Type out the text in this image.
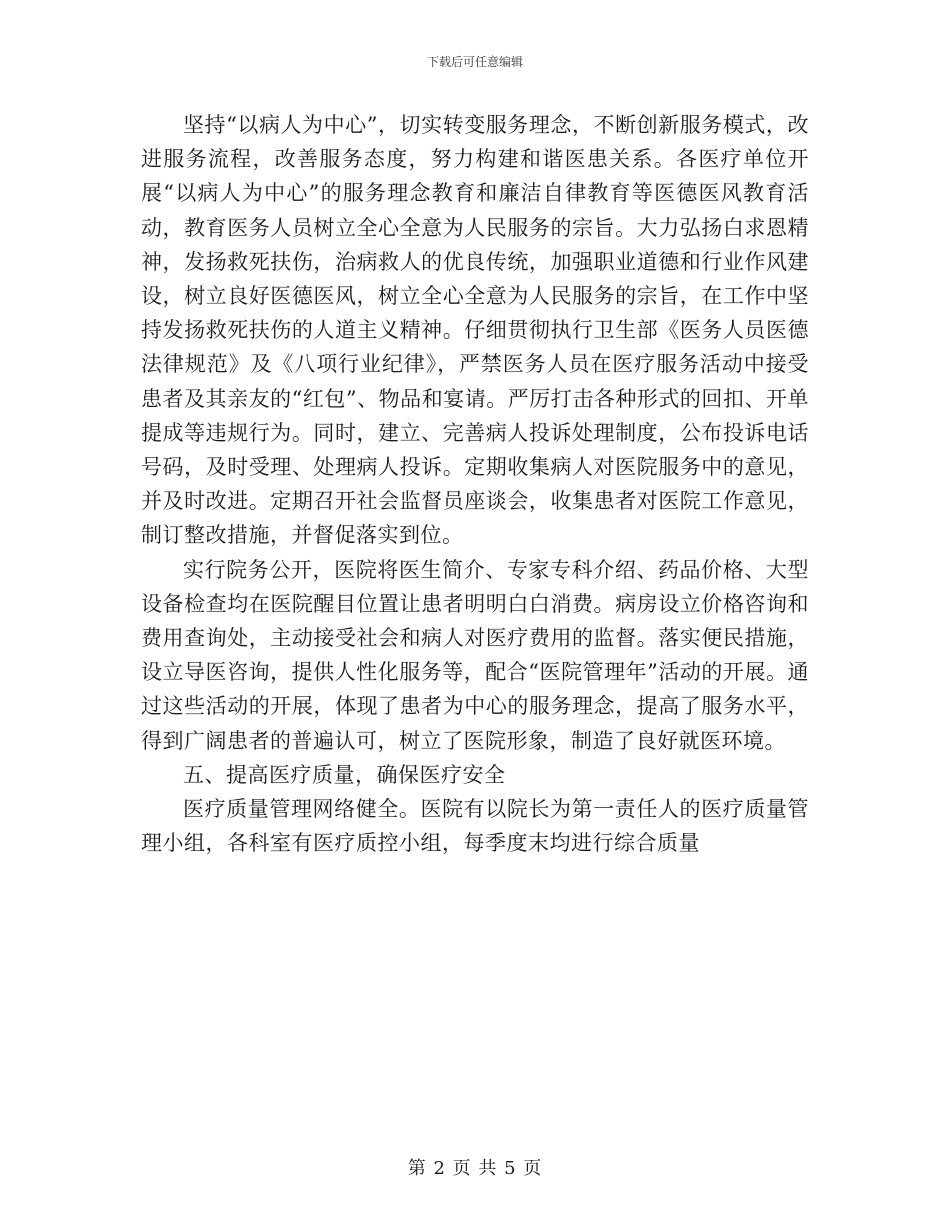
下载后可任意编辑

坚持“以病人为中心”，切实转变服务理念，不断创新服务模式，改进服务流程，改善服务态度，努力构建和谐医患关系。各医疗单位开展“以病人为中心”的服务理念教育和廉洁自律教育等医德医风教育活动，教育医务人员树立全心全意为人民服务的宗旨。大力弘扬白求恩精神，发扬救死扶伤，治病救人的优良传统，加强职业道德和行业作风建设，树立良好医德医风，树立全心全意为人民服务的宗旨，在工作中坚持发扬救死扶伤的人道主义精神。仔细贯彻执行卫生部《医务人员医德法律规范》及《八项行业纪律》，严禁医务人员在医疗服务活动中接受患者及其亲友的“红包”、物品和宴请。严厉打击各种形式的回扣、开单提成等违规行为。同时，建立、完善病人投诉处理制度，公布投诉电话号码，及时受理、处理病人投诉。定期收集病人对医院服务中的意见，并及时改进。定期召开社会监督员座谈会，收集患者对医院工作意见，制订整改措施，并督促落实到位。

实行院务公开，医院将医生简介、专家专科介绍、药品价格、大型设备检查均在医院醒目位置让患者明明白白消费。病房设立价格咨询和费用查询处，主动接受社会和病人对医疗费用的监督。落实便民措施，设立导医咨询，提供人性化服务等，配合“医院管理年”活动的开展。通过这些活动的开展，体现了患者为中心的服务理念，提高了服务水平，得到广阔患者的普遍认可，树立了医院形象，制造了良好就医环境。

五、提高医疗质量，确保医疗安全

医疗质量管理网络健全。医院有以院长为第一责任人的医疗质量管理小组，各科室有医疗质控小组，每季度末均进行综合质量

第 2 页 共 5 页
